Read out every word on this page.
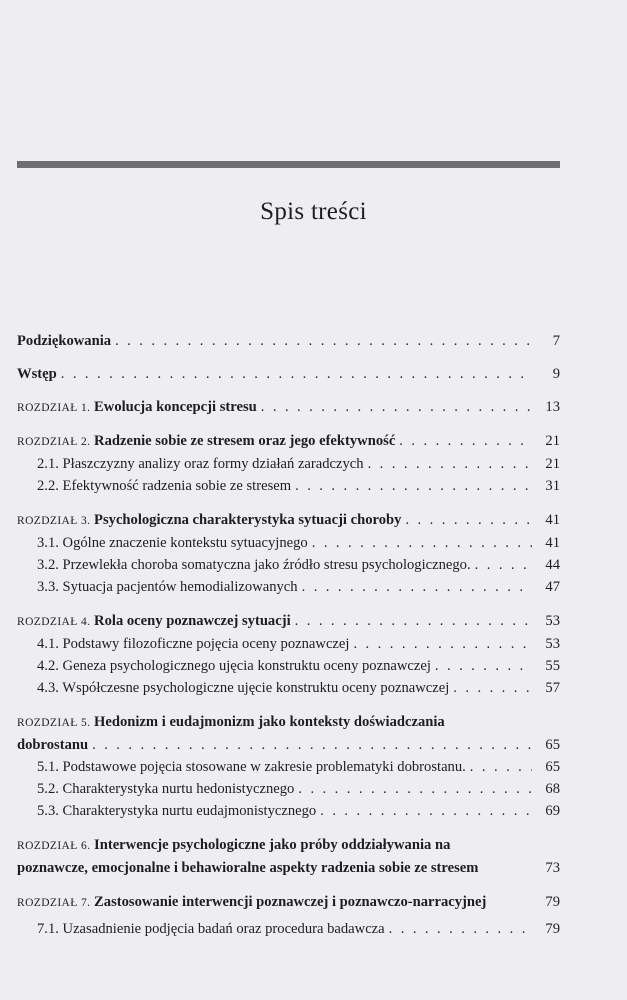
Spis treści
Podziękowania . . .	7
Wstęp . . .	9
ROZDZIAŁ 1. Ewolucja koncepcji stresu . . .	13
ROZDZIAŁ 2. Radzenie sobie ze stresem oraz jego efektywność . . .	21
2.1. Płaszczyzny analizy oraz formy działań zaradczych . . .	21
2.2. Efektywność radzenia sobie ze stresem . . .	31
ROZDZIAŁ 3. Psychologiczna charakterystyka sytuacji choroby . . .	41
3.1. Ogólne znaczenie kontekstu sytuacyjnego . . .	41
3.2. Przewlekła choroba somatyczna jako źródło stresu psychologicznego. . . .	44
3.3. Sytuacja pacjentów hemodializowanych . . .	47
ROZDZIAŁ 4. Rola oceny poznawczej sytuacji . . .	53
4.1. Podstawy filozoficzne pojęcia oceny poznawczej . . .	53
4.2. Geneza psychologicznego ujęcia konstruktu oceny poznawczej . . .	55
4.3. Współczesne psychologiczne ujęcie konstruktu oceny poznawczej . . .	57
ROZDZIAŁ 5. Hedonizm i eudajmonizm jako konteksty doświadczania
dobrostanu . . .	65
5.1. Podstawowe pojęcia stosowane w zakresie problematyki dobrostanu. . . .	65
5.2. Charakterystyka nurtu hedonistycznego . . .	68
5.3. Charakterystyka nurtu eudajmonistycznego . . .	69
ROZDZIAŁ 6. Interwencje psychologiczne jako próby oddziaływania na
poznawcze, emocjonalne i behawioralne aspekty radzenia sobie ze stresem	73
ROZDZIAŁ 7. Zastosowanie interwencji poznawczej i poznawczo-narracyjnej	79
7.1. Uzasadnienie podjęcia badań oraz procedura badawcza . . .	79
